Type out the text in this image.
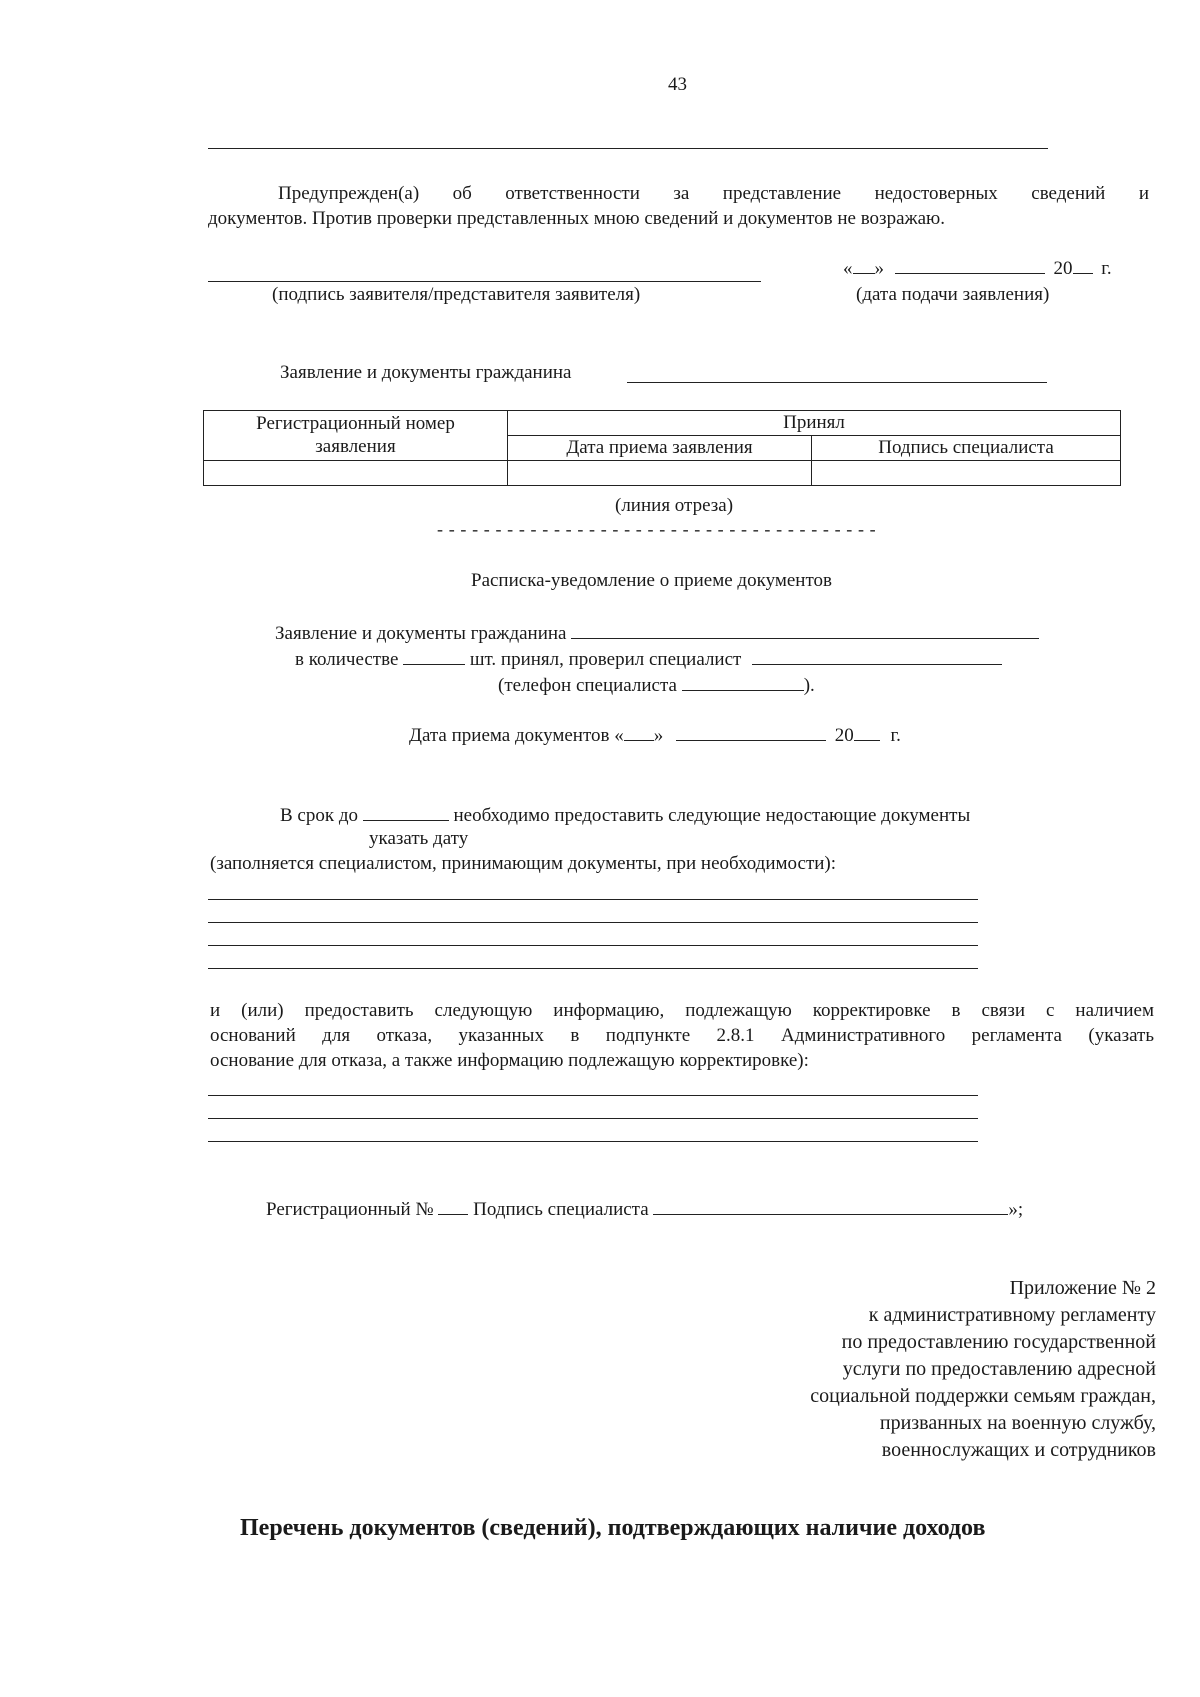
43
Предупрежден(а) об ответственности за представление недостоверных сведений и
документов. Против проверки представленных мною сведений и документов не возражаю.
« »	20 г.
(подпись заявителя/представителя заявителя)	(дата подачи заявления)
Заявление и документы гражданина
Регистрационный номер
заявления	Принял	
	Дата приема заявления	Подпись специалиста

(линия отреза)
- - - - - - - - - - - - - - - - - - - - - - - - - - - - - - - - - - - - - -
Расписка-уведомление о приеме документов
Заявление и документы гражданина
в количестве	шт. принял, проверил специалист
(телефон специалиста	).
Дата приема документов « »	20 г.
В срок до	необходимо предоставить следующие недостающие документы
указать дату
(заполняется специалистом, принимающим документы, при необходимости):
и (или) предоставить следующую информацию, подлежащую корректировке в связи с наличием
оснований для отказа, указанных в подпункте 2.8.1 Административного регламента (указать
основание для отказа, а также информацию подлежащую корректировке):
Регистрационный № Подпись специалиста	»;
Приложение № 2
к административному регламенту
по предоставлению государственной
услуги по предоставлению адресной
социальной поддержки семьям граждан,
призванных на военную службу,
военнослужащих и сотрудников
Перечень документов (сведений), подтверждающих наличие доходов
